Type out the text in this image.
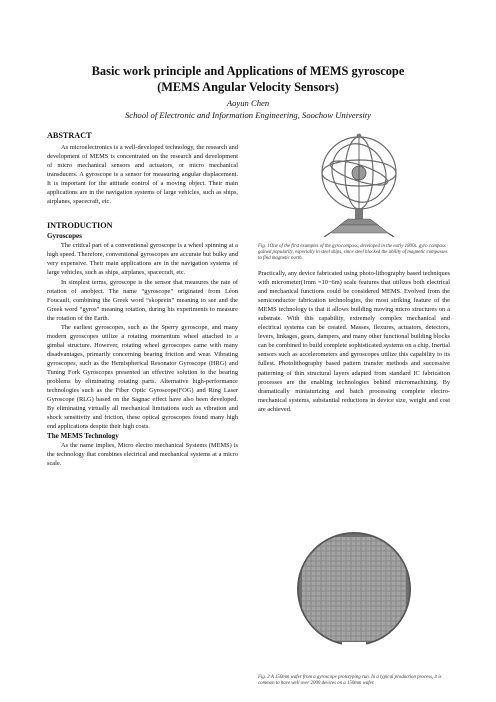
Basic work principle and Applications of MEMS gyroscope
(MEMS Angular Velocity Sensors)
Aoyun Chen
School of Electronic and Information Engineering, Soochow University
ABSTRACT

As microelectronics is a well-developed technology, the research and development of MEMS is concentrated on the research and development of micro mechanical sensors and actuators, or micro mechanical transducers. A gyroscope is a sensor for measuring angular displacement. It is important for the attitude control of a moving object. Their main applications are in the navigation systems of large vehicles, such as ships, airplanes, spacecraft, etc.

INTRODUCTION
Gyroscopes

The critical part of a conventional gyroscope is a wheel spinning at a high speed. Therefore, conventional gyroscopes are accurate but bulky and very expensive. Their main applications are in the navigation systems of large vehicles, such as ships, airplanes, spacecraft, etc.

In simplest terms, gyroscope is the sensor that measures the rate of rotation of anobject. The name “gyroscope” originated from Léon Foucault, combining the Greek word “skopeein” meaning to see and the Greek word “gyros” meaning rotation, during his experiments to measure the rotation of the Earth.

The earliest gyroscopes, such as the Sperry gyroscope, and many modern gyroscopes utilize a rotating momentum wheel attached to a gimbal structure. However, rotating wheel gyroscopes came with many disadvantages, primarily concerning bearing friction and wear. Vibrating gyroscopes, such as the Hemispherical Resonator Gyroscope (HRG) and Tuning Fork Gyroscopes presented an effective solution to the bearing problems by eliminating rotating parts. Alternative high-performance technologies such as the Fiber Optic Gyroscope(FOG) and Ring Laser Gyroscope (RLG) based on the Sagnac effect have also been developed. By eliminating virtually all mechanical limitations such as vibration and shock sensitivity and friction, these optical gyroscopes found many high end applications despite their high costs.

The MEMS Technology

As the name implies, Micro electro mechanical Systems (MEMS) is the technology that combines electrical and mechanical systems at a micro scale.

Fig. 1One of the first examples of the gyrocompass, developed in the early 1800s. gyro compass gained popularity, especially in steel ships, since steel blocked the ability of magnetic compasses to find magnetic north.

Practically, any device fabricated using photo-lithography based techniques with micrometer(1mm =10−6m) scale features that utilizes both electrical and mechanical functions could be considered MEMS. Evolved from the semiconductor fabrication technologies, the most striking feature of the MEMS technology is that it allows building moving micro structures on a substrate. With this capability, extremely complex mechanical and electrical systems can be created. Masses, flexures, actuators, detectors, levers, linkages, gears, dampers, and many other functional building blocks can be combined to build complete sophisticated systems on a chip. Inertial sensors such as accelerometers and gyroscopes utilize this capability to its fullest. Photolithography based pattern transfer methods and successive patterning of thin structural layers adapted from standard IC fabrication processes are the enabling technologies behind micromachining. By dramatically miniaturizing and batch processing complete electro-mechanical systems, substantial reductions in device size, weight and cost are achieved.

Fig. 2 A 150mm wafer from a gyroscope prototyping run. In a typical production process, it is common to have well over 2000 devices on a 150mm wafer.
